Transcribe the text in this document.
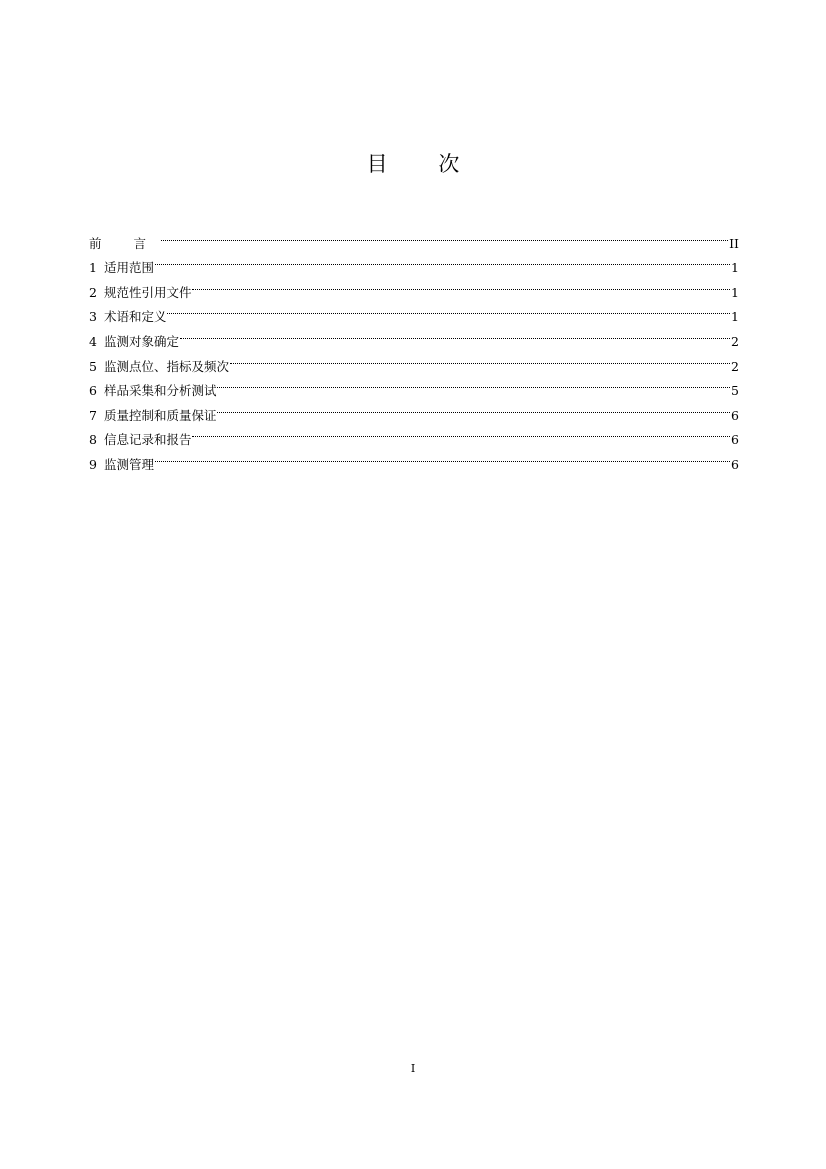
目 次
前 言	II
1 适用范围	1
2 规范性引用文件	1
3 术语和定义	1
4 监测对象确定	2
5 监测点位、指标及频次	2
6 样品采集和分析测试	5
7 质量控制和质量保证	6
8 信息记录和报告	6
9 监测管理	6

I
